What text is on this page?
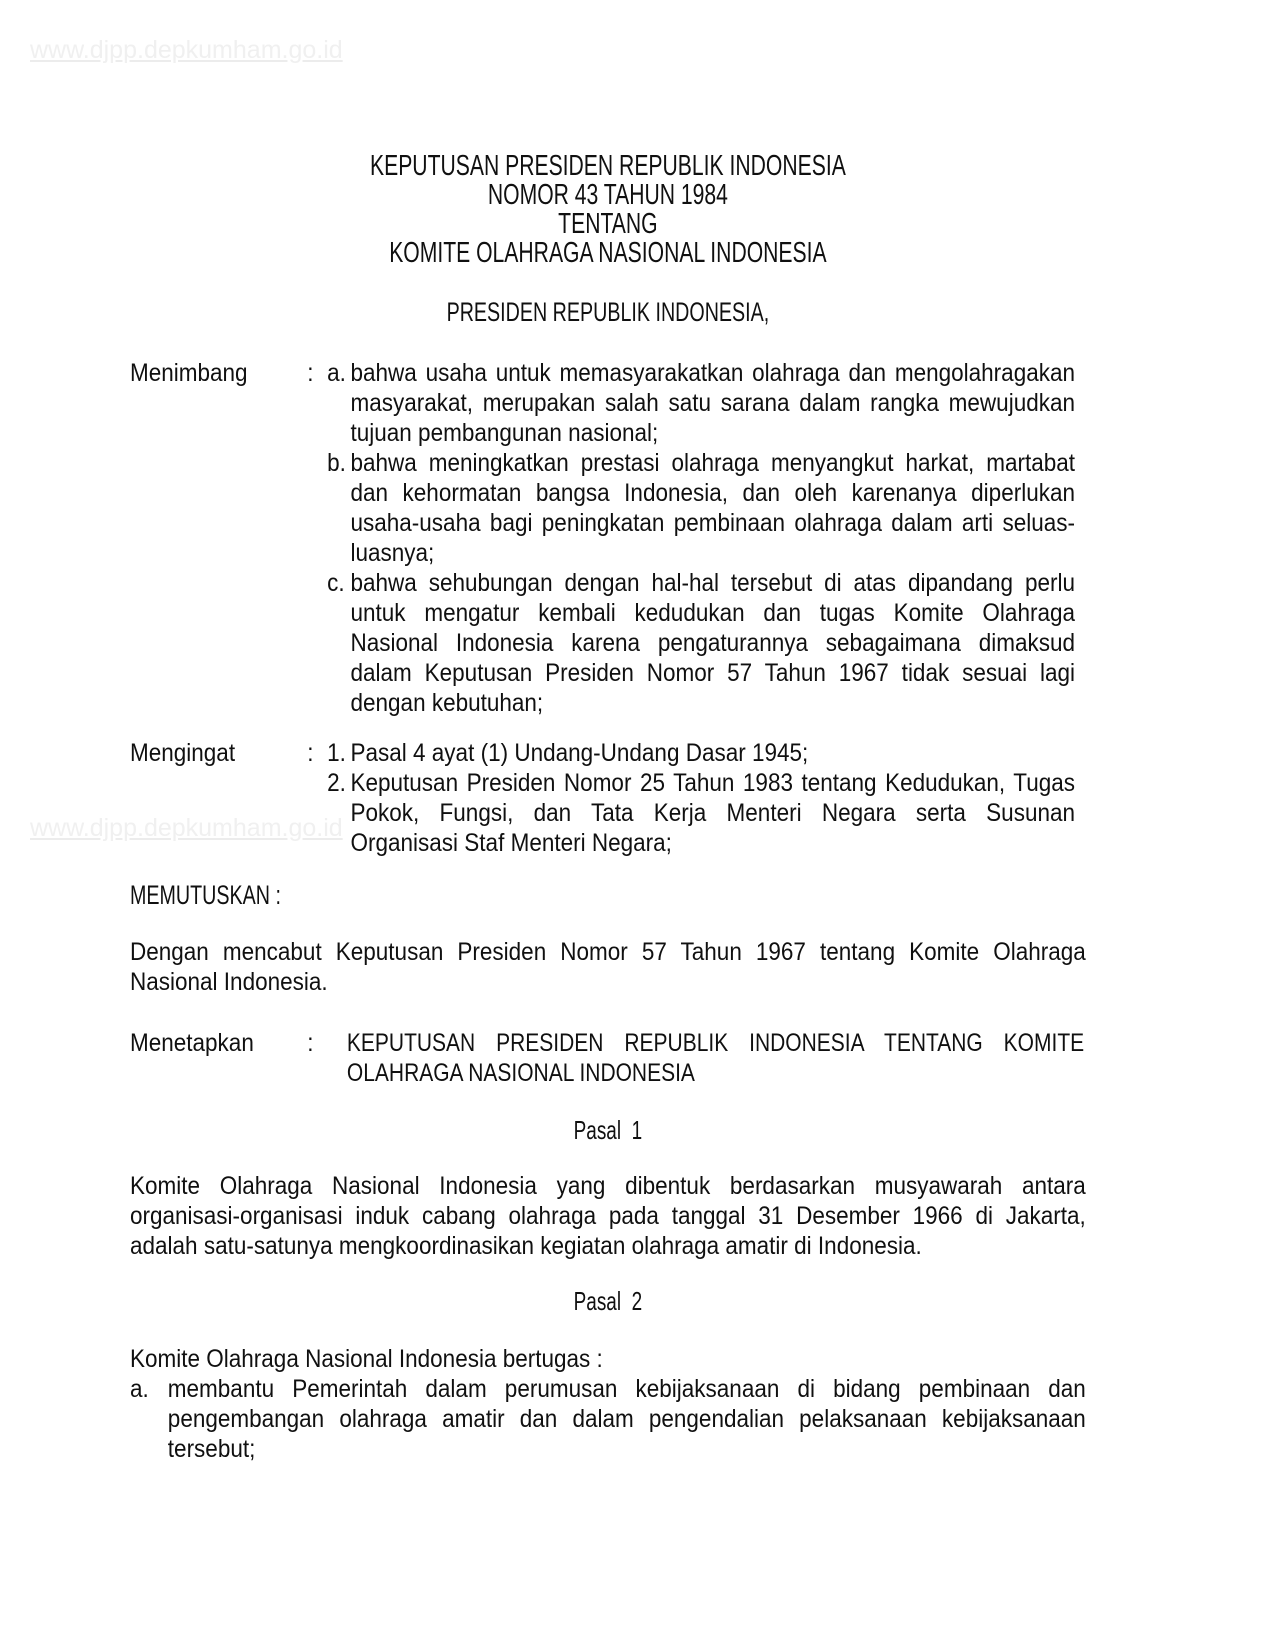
www.djpp.depkumham.go.id
www.djpp.depkumham.go.id
KEPUTUSAN PRESIDEN REPUBLIK INDONESIA
NOMOR 43 TAHUN 1984
TENTANG
KOMITE OLAHRAGA NASIONAL INDONESIA
PRESIDEN REPUBLIK INDONESIA,
Menimbang	: a. bahwa usaha untuk memasyarakatkan olahraga dan mengolahragakan masyarakat, merupakan salah satu sarana dalam rangka mewujudkan tujuan pembangunan nasional;
b. bahwa meningkatkan prestasi olahraga menyangkut harkat, martabat dan kehormatan bangsa Indonesia, dan oleh karenanya diperlukan usaha-usaha bagi peningkatan pembinaan olahraga dalam arti seluas-luasnya;
c. bahwa sehubungan dengan hal-hal tersebut di atas dipandang perlu untuk mengatur kembali kedudukan dan tugas Komite Olahraga Nasional Indonesia karena pengaturannya sebagaimana dimaksud dalam Keputusan Presiden Nomor 57 Tahun 1967 tidak sesuai lagi dengan kebutuhan;
Mengingat	: 1. Pasal 4 ayat (1) Undang-Undang Dasar 1945;
2. Keputusan Presiden Nomor 25 Tahun 1983 tentang Kedudukan, Tugas Pokok, Fungsi, dan Tata Kerja Menteri Negara serta Susunan Organisasi Staf Menteri Negara;
MEMUTUSKAN :
Dengan mencabut Keputusan Presiden Nomor 57 Tahun 1967 tentang Komite Olahraga Nasional Indonesia.
Menetapkan	:	KEPUTUSAN PRESIDEN REPUBLIK INDONESIA TENTANG KOMITE OLAHRAGA NASIONAL INDONESIA
Pasal  1
Komite Olahraga Nasional Indonesia yang dibentuk berdasarkan musyawarah antara organisasi-organisasi induk cabang olahraga pada tanggal 31 Desember 1966 di Jakarta, adalah satu-satunya mengkoordinasikan kegiatan olahraga amatir di Indonesia.
Pasal  2
Komite Olahraga Nasional Indonesia bertugas :
a. membantu Pemerintah dalam perumusan kebijaksanaan di bidang pembinaan dan pengembangan olahraga amatir dan dalam pengendalian pelaksanaan kebijaksanaan tersebut;
